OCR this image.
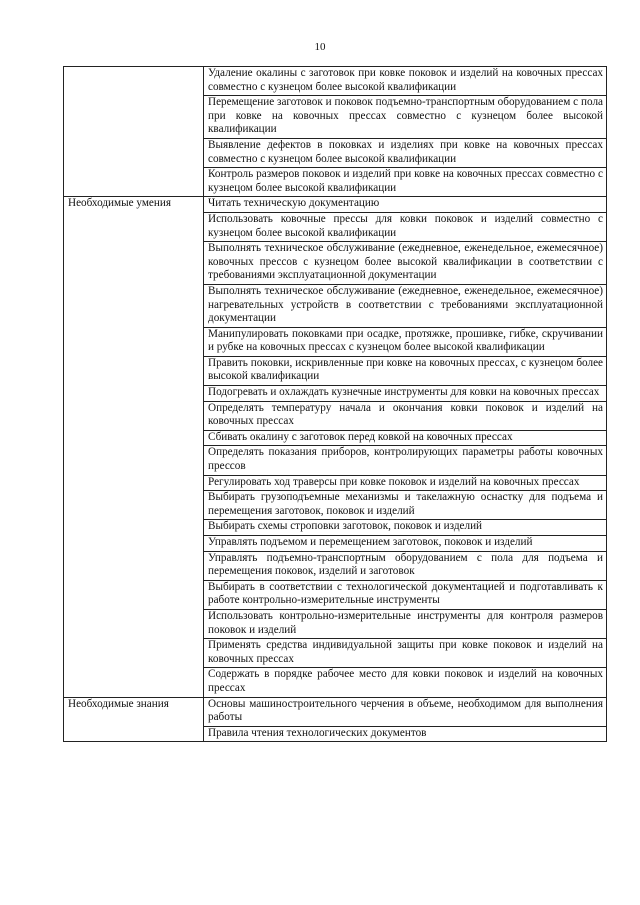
10
	Удаление окалины с заготовок при ковке поковок и изделий на ковочных прессах совместно с кузнецом более высокой квалификации
	Перемещение заготовок и поковок подъемно-транспортным оборудованием с пола при ковке на ковочных прессах совместно с кузнецом более высокой квалификации
	Выявление дефектов в поковках и изделиях при ковке на ковочных прессах совместно с кузнецом более высокой квалификации
	Контроль размеров поковок и изделий при ковке на ковочных прессах совместно с кузнецом более высокой квалификации
Необходимые умения	Читать техническую документацию
	Использовать ковочные прессы для ковки поковок и изделий совместно с кузнецом более высокой квалификации
	Выполнять техническое обслуживание (ежедневное, еженедельное, ежемесячное) ковочных прессов с кузнецом более высокой квалификации в соответствии с требованиями эксплуатационной документации
	Выполнять техническое обслуживание (ежедневное, еженедельное, ежемесячное) нагревательных устройств в соответствии с требованиями эксплуатационной документации
	Манипулировать поковками при осадке, протяжке, прошивке, гибке, скручивании и рубке на ковочных прессах с кузнецом более высокой квалификации
	Править поковки, искривленные при ковке на ковочных прессах, с кузнецом более высокой квалификации
	Подогревать и охлаждать кузнечные инструменты для ковки на ковочных прессах
	Определять температуру начала и окончания ковки поковок и изделий на ковочных прессах
	Сбивать окалину с заготовок перед ковкой на ковочных прессах
	Определять показания приборов, контролирующих параметры работы ковочных прессов
	Регулировать ход траверсы при ковке поковок и изделий на ковочных прессах
	Выбирать грузоподъемные механизмы и такелажную оснастку для подъема и перемещения заготовок, поковок и изделий
	Выбирать схемы строповки заготовок, поковок и изделий
	Управлять подъемом и перемещением заготовок, поковок и изделий
	Управлять подъемно-транспортным оборудованием с пола для подъема и перемещения поковок, изделий и заготовок
	Выбирать в соответствии с технологической документацией и подготавливать к работе контрольно-измерительные инструменты
	Использовать контрольно-измерительные инструменты для контроля размеров поковок и изделий
	Применять средства индивидуальной защиты при ковке поковок и изделий на ковочных прессах
	Содержать в порядке рабочее место для ковки поковок и изделий на ковочных прессах
Необходимые знания	Основы машиностроительного черчения в объеме, необходимом для выполнения работы
	Правила чтения технологических документов
